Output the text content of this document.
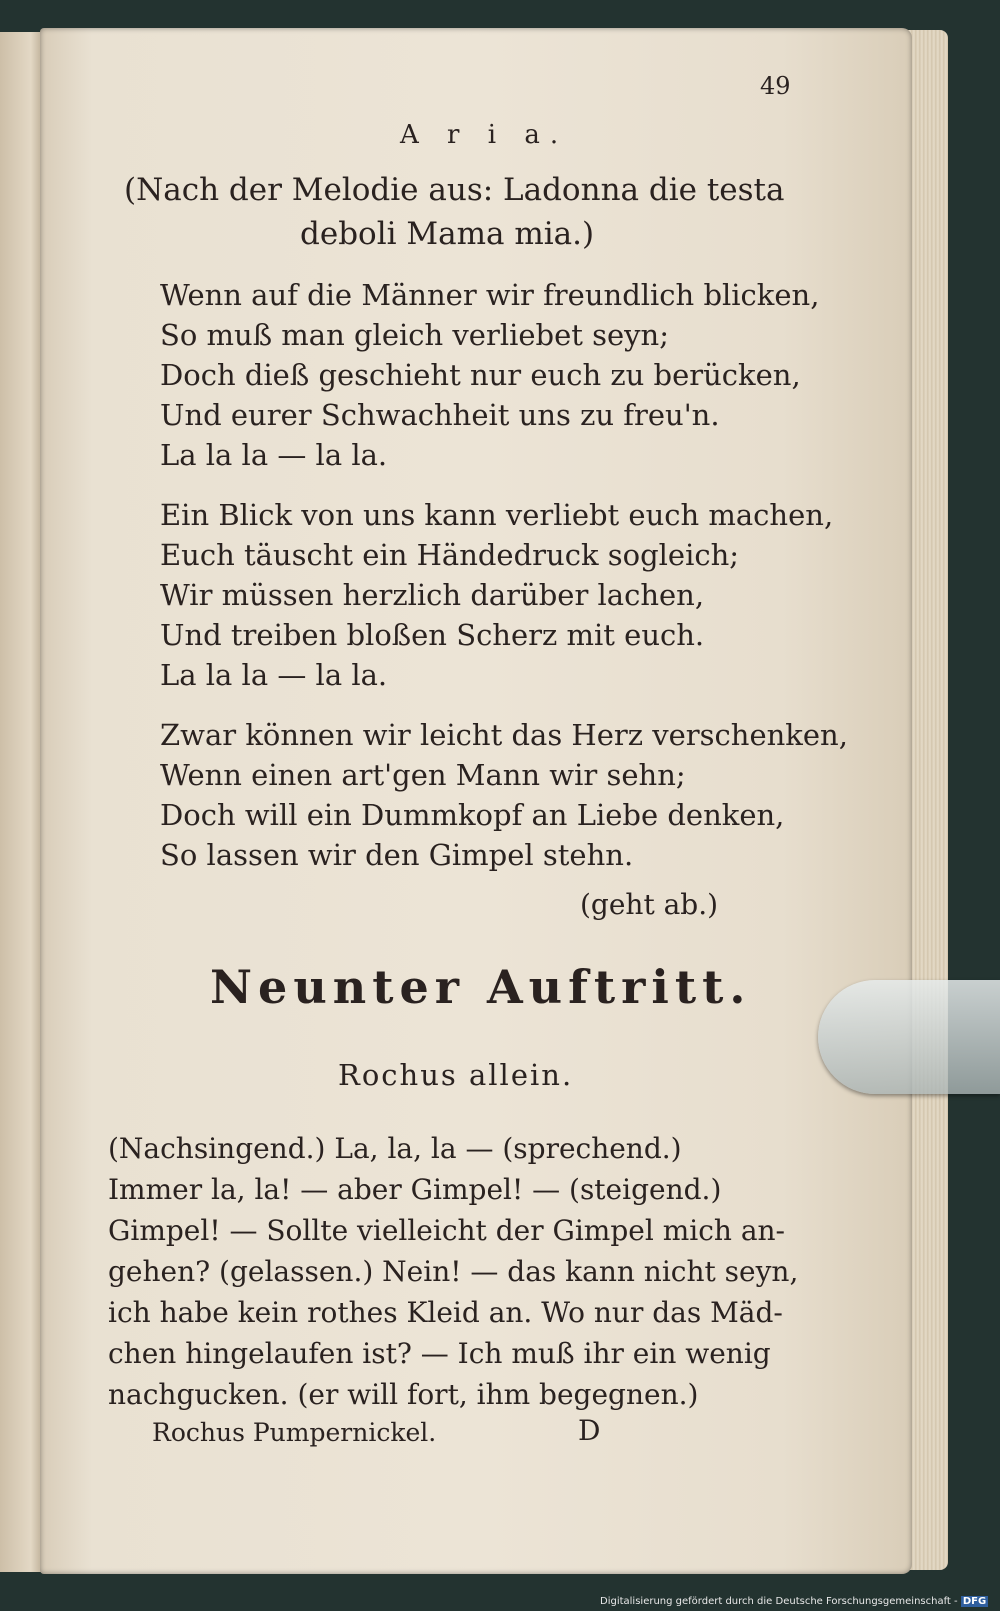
49
A r i a.
(Nach der Melodie aus: Ladonna die testa
deboli Mama mia.)
Wenn auf die Männer wir freundlich blicken,
So muß man gleich verliebet seyn;
Doch dieß geschieht nur euch zu berücken,
Und eurer Schwachheit uns zu freu'n.
La la la — la la.
Ein Blick von uns kann verliebt euch machen,
Euch täuscht ein Händedruck sogleich;
Wir müssen herzlich darüber lachen,
Und treiben bloßen Scherz mit euch.
La la la — la la.
Zwar können wir leicht das Herz verschenken,
Wenn einen art'gen Mann wir sehn;
Doch will ein Dummkopf an Liebe denken,
So lassen wir den Gimpel stehn.
(geht ab.)
Neunter Auftritt.
Rochus allein.
(Nachsingend.) La, la, la — (sprechend.)
Immer la, la! — aber Gimpel! — (steigend.)
Gimpel! — Sollte vielleicht der Gimpel mich an-
gehen? (gelassen.) Nein! — das kann nicht seyn,
ich habe kein rothes Kleid an. Wo nur das Mäd-
chen hingelaufen ist? — Ich muß ihr ein wenig
nachgucken. (er will fort, ihm begegnen.)
Rochus Pumpernickel.	D
Digitalisierung gefördert durch die Deutsche Forschungsgemeinschaft - DFG
